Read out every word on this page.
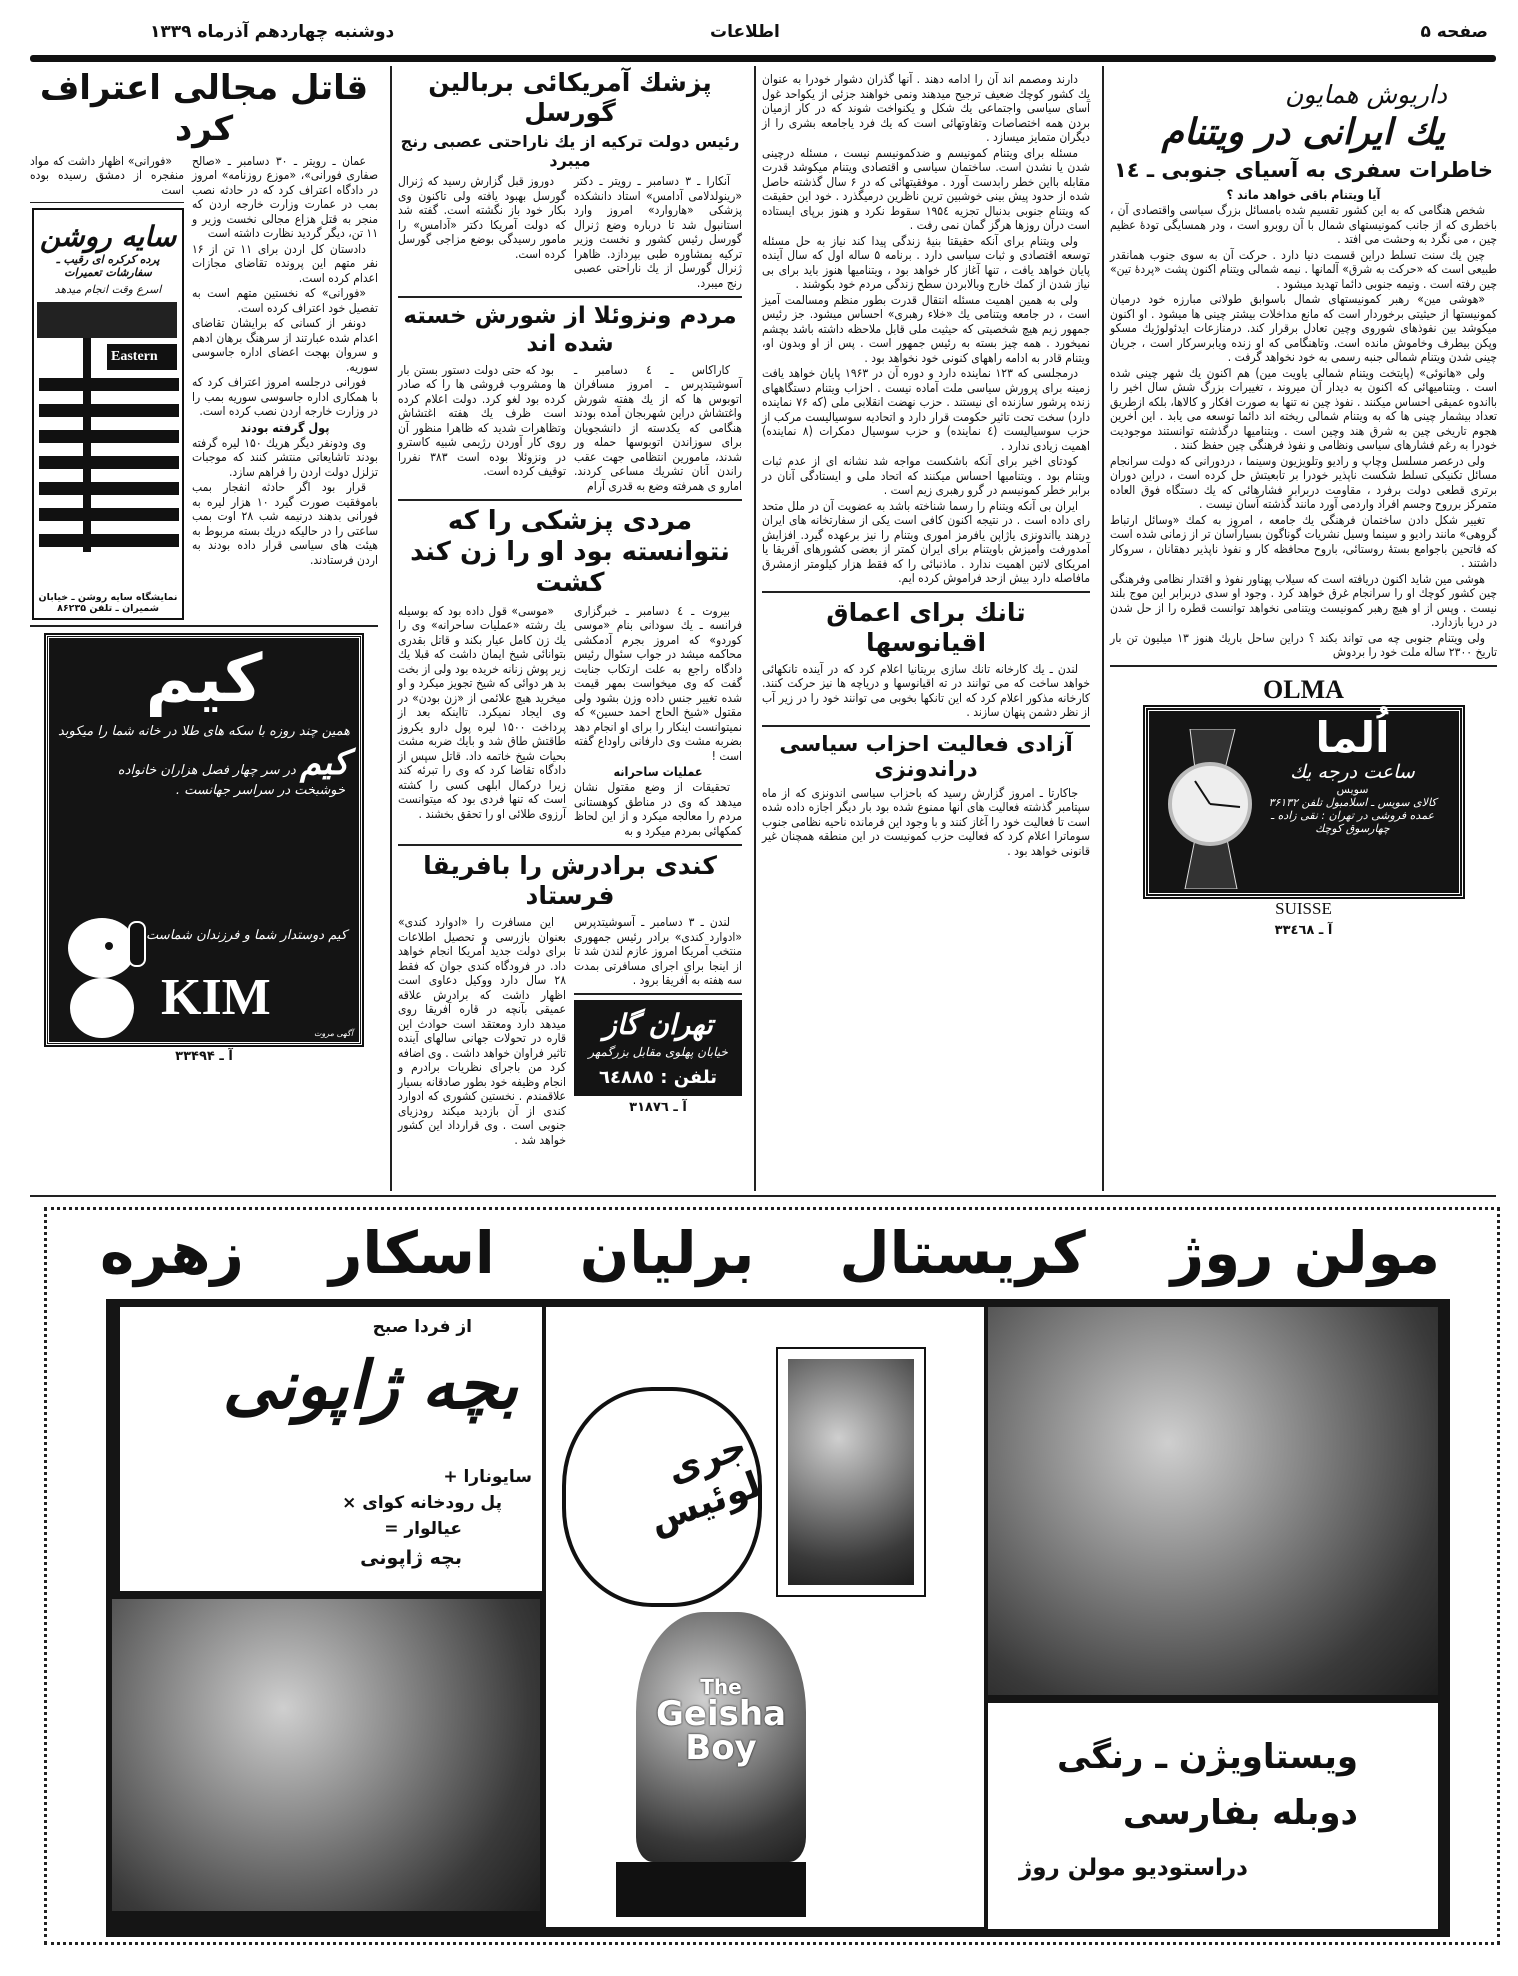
صفحه ۵
اطلاعات
دوشنبه چهاردهم آذرماه ۱۳۳۹
قاتل مجالی اعتراف کرد

عمان ـ رویتر ـ ۳۰ دسامبر ـ «صالح صفاری فورانی»، «موزع روزنامه» امروز در دادگاه اعتراف کرد که در حادثه نصب بمب در عمارت وزارت خارجه اردن که منجر به قتل هزاع مجالی نخست وزیر و ۱۱ تن، دیگر گردید نظارت داشته است

دادستان کل اردن برای ۱۱ تن از ۱۶ نفر متهم این پرونده تقاضای مجازات اعدام کرده است.

«فورانی» که نخستین متهم است به تفصیل خود اعتراف کرده است.

دونفر از کسانی که برایشان تقاضای اعدام شده عبارتند از سرهنگ برهان ادهم و سروان بهجت اعضای اداره جاسوسی سوریه.

فورانی درجلسه امروز اعتراف کرد که با همکاری اداره جاسوسی سوریه بمب را در وزارت خارجه اردن نصب کرده است.

پول گرفته بودند

وی ودونفر دیگر هریك ۱۵۰ لیره گرفته بودند تاشایعاتی منتشر کنند که موجبات تزلزل دولت اردن را فراهم سازد.

قرار بود اگر حادثه انفجار بمب باموفقیت صورت گیرد ۱۰ هزار لیره به فورانی بدهند درنیمه شب ۲۸ اوت بمب ساعتی را در حالیکه دریك بسته مربوط به هیئت های سیاسی قرار داده بودند به اردن فرستادند.

«فورانی» اظهار داشت که مواد منفجره از دمشق رسیده بوده است

سایه روشن
پرده کرکره ای رقیب ـ سفارشات تعمیرات
اسرع وقت انجام میدهد
Eastern
نمایشگاه سایه روشن ـ خیابان شمیران ـ تلفن ۸۶۲۳۵
کیم
همین چند روزه با سکه های طلا در خانه شما را میکوبد
کیم در سر چهار فصل هزاران خانواده
خوشبخت در سراسر جهانست .
کیم دوستدار شما و فرزندان شماست
KIM
آگهی مروت
آ ـ ۳۳۴۹۴
پزشك آمریکائی بربالین گورسل
رئیس دولت ترکیه از یك ناراحتی عصبی رنج میبرد

آنکارا ـ ۳ دسامبر ـ رویتر ـ دکتر «رینولدلامی آدامس» استاد دانشکده پزشکی «هاروارد» امروز وارد استانبول شد تا درباره وضع ژنرال گورسل رئیس کشور و نخست وزیر ترکیه بمشاوره طبی بپردازد. ظاهرا ژنرال گورسل از یك ناراحتی عصبی رنج میبرد.

دوروز قبل گزارش رسید که ژنرال گورسل بهبود یافته ولی تاکنون وی بکار خود باز نگشته است. گفته شد که دولت آمریکا دکتر «آدامس» را مامور رسیدگی بوضع مزاجی گورسل کرده است.

مردم ونزوئلا از شورش خسته شده اند

کاراکاس ـ ٤ دسامبر ـ آسوشیتدپرس ـ امروز مسافران اتوبوس ها که از یك هفته شورش واغتشاش دراین شهربجان آمده بودند هنگامی که یکدسته از دانشجویان برای سوزاندن اتوبوسها حمله ور شدند، مامورین انتظامی جهت عقب راندن آنان تشریك مساعی کردند. امارو ی همرفته وضع به قدری آرام

بود که حتی دولت دستور بستن بار ها ومشروب فروشی ها را که صادر کرده بود لغو کرد. دولت اعلام کرده است ظرف یك هفته اغتشاش وتظاهرات شدید که ظاهرا منظور آن روی کار آوردن رژیمی شبیه کاسترو در ونزوئلا بوده است ۳۸۳ نفررا توقیف کرده است.

مردی پزشکی را که نتوانسته بود او را زن کند کشت

بیروت ـ ٤ دسامبر ـ خبرگزاری فرانسه ـ یك سودانی بنام «موسی کوردو» که امروز بجرم آدمکشی محاکمه میشد در جواب سئوال رئیس دادگاه راجع به علت ارتکاب جنایت گفت که وی میخواست بمهر قیمت شده تغییر جنس داده وزن بشود ولی مقتول «شیخ الحاج احمد حسین» که نمیتوانست اینکار را برای او انجام دهد بضربه مشت وی دارفانی راوداع گفته است !

عملیات ساحرانه

تحقیقات از وضع مقتول نشان میدهد که وی در مناطق کوهستانی مردم را معالجه میکرد و از این لحاظ کمکهائی بمردم میکرد و به

«موسی» قول داده بود که بوسیله یك رشته «عملیات ساحرانه» وی را یك زن کامل عیار بکند و قاتل بقدری بتوانائی شیخ ایمان داشت که قبلا یك زیر پوش زنانه خریده بود ولی از بخت بد هر دوائی که شیخ تجویز میکرد و او میخرید هیچ علائمی از «زن بودن» در وی ایجاد نمیکرد. تااینکه بعد از پرداخت ۱۵۰۰ لیره پول دارو یکروز طاقتش طاق شد و بایك ضربه مشت بحیات شیخ خاتمه داد. قاتل سپس از دادگاه تقاضا کرد که وی را تبرئه کند زیرا درکمال ابلهی کسی را کشته است که تنها فردی بود که میتوانست آرزوی طلائی او را تحقق بخشند .

کندی برادرش را بافریقا فرستاد

لندن ـ ۳ دسامبر ـ آسوشیتدپرس «ادوارد کندی» برادر رئیس جمهوری منتخب آمریکا امروز عازم لندن شد تا از اینجا برای اجرای مسافرتی بمدت سه هفته به آفریقا برود .

تهران گاز
خیابان پهلوی مقابل بزرگمهر
تلفن : ٦٤٨٨٥
آ ـ ۳۱۸۷٦

این مسافرت را «ادوارد کندی» بعنوان بازرسی و تحصیل اطلاعات برای دولت جدید آمریکا انجام خواهد داد. در فرودگاه کندی جوان که فقط ۲۸ سال دارد ووکیل دعاوی است اظهار داشت که برادرش علاقه عمیقی بآنچه در قاره آفریقا روی میدهد دارد ومعتقد است حوادث این قاره در تحولات جهانی سالهای آینده تاثیر فراوان خواهد داشت . وی اضافه کرد من باجرای نظریات برادرم و انجام وظیفه خود بطور صادقانه بسیار علاقمندم . نخستین کشوری که ادوارد کندی از آن بازدید میکند رودزیای جنوبی است . وی قرارداد این کشور خواهد شد .

دارند ومصمم اند آن را ادامه دهند . آنها گذران دشوار خودرا به عنوان یك کشور کوچك ضعیف ترجیح میدهند ونمی خواهند جزئی از یکواحد غول آسای سیاسی واجتماعی یك شکل و یکنواخت شوند که در کار ازمیان بردن همه اختصاصات وتفاوتهائی است که یك فرد یاجامعه بشری را از دیگران متمایز میسازد .

مسئله برای ویتنام کمونیسم و ضدکمونیسم نیست ، مسئله درچینی شدن یا نشدن است. ساختمان سیاسی و اقتصادی ویتنام میکوشد قدرت مقابله بااین خطر رابدست آورد . موفقیتهائی که در ۶ سال گذشته حاصل شده از حدود پیش بینی خوشبین ترین ناظرین درمیگذرد . خود این حقیقت که ویتنام جنوبی بدنبال تجزیه ۱۹۵٤ سقوط نکرد و هنوز برپای ایستاده است درآن روزها هرگز گمان نمی رفت .

ولی ویتنام برای آنکه حقیقتا بنیهٔ زندگی پیدا کند نیاز به حل مسئله توسعه اقتصادی و ثبات سیاسی دارد . برنامه ۵ ساله اول که سال آینده پایان خواهد یافت ، تنها آغاز کار خواهد بود ، ویتنامیها هنوز باید برای بی نیاز شدن از کمك خارج وبالابردن سطح زندگی مردم خود بکوشند .

ولی به همین اهمیت مسئله انتقال قدرت بطور منظم ومسالمت آمیز است ، در جامعه ویتنامی یك «خلاء رهبری» احساس میشود. جز رئیس جمهور زیم هیچ شخصیتی که حیثیت ملی قابل ملاحظه داشته باشد بچشم نمیخورد . همه چیز بسته به رئیس جمهور است . پس از او وبدون او، ویتنام قادر به ادامه راههای کنونی خود نخواهد بود .

درمجلسی که ۱۲۳ نماینده دارد و دوره آن در ۱۹۶۳ پایان خواهد یافت زمینه برای پرورش سیاسی ملت آماده نیست . احزاب ویتنام دستگاههای زنده پرشور سازنده ای نیستند . حزب نهضت انقلابی ملی (که ۷۶ نماینده دارد) سخت تحت تاثیر حکومت قرار دارد و اتحادیه سوسیالیست مرکب از حزب سوسیالیست (٤ نماینده) و حزب سوسیال دمکرات (۸ نماینده) اهمیت زیادی ندارد .

کودتای اخیر برای آنکه باشکست مواجه شد نشانه ای از عدم ثبات ویتنام بود . ویتنامیها احساس میکنند که اتحاد ملی و ایستادگی آنان در برابر خطر کمونیسم در گرو رهبری زیم است .

ایران بی آنکه ویتنام را رسما شناخته باشد به عضویت آن در ملل متحد رای داده است . در نتیجه اکنون کافی است یکی از سفارتخانه های ایران درهند یااندونزی یاژاپن یافرمز اموری ویتنام را نیز برعهده گیرد. افزایش آمدورفت وآمیزش باویتنام برای ایران کمتر از بعضی کشورهای آفریقا یا امریکای لاتین اهمیت ندارد . ماذنبائی را که فقط هزار کیلومتر ازمشرق مافاصله دارد بیش ازحد فراموش کرده ایم.

تانك برای اعماق اقیانوسها

لندن ـ یك کارخانه تانك سازی بریتانیا اعلام کرد که در آینده تانکهائی خواهد ساخت که می توانند در ته اقیانوسها و دریاچه ها نیز حرکت کنند. کارخانه مذکور اعلام کرد که این تانکها بخوبی می توانند خود را در زیر آب از نظر دشمن پنهان سازند .

آزادی فعالیت احزاب سیاسی دراندونزی

جاکارتا ـ امروز گزارش رسید که باحزاب سیاسی اندونزی که از ماه سپتامبر گذشته فعالیت های آنها ممنوع شده بود بار دیگر اجازه داده شده است تا فعالیت خود را آغاز کنند و با وجود این فرمانده ناحیه نظامی جنوب سوماترا اعلام کرد که فعالیت حزب کمونیست در این منطقه همچنان غیر قانونی خواهد بود .

داریوش همایون
یك ایرانی در ویتنام
خاطرات سفری به آسیای جنوبی ـ ١٤
آیا ویتنام باقی خواهد ماند ؟

شخص هنگامی که به این کشور تقسیم شده بامسائل بزرگ سیاسی واقتصادی آن ، باخطری که از جانب کمونیستهای شمال با آن روبرو است ، ودر همسایگی تودهٔ عظیم چین ، می نگرد به وحشت می افتد .

چین یك سنت تسلط دراین قسمت دنیا دارد . حرکت آن به سوی جنوب همانقدر طبیعی است که «حرکت به شرق» آلمانها . نیمه شمالی ویتنام اکنون پشت «پردهٔ تین» چین رفته است . ونیمه جنوبی دائما تهدید میشود .

«هوشی مین» رهبر کمونیستهای شمال باسوابق طولانی مبارزه خود درمیان کمونیستها از حیثیتی برخوردار است که مانع مداخلات بیشتر چینی ها میشود . او اکنون میکوشد بین نفوذهای شوروی وچین تعادل برقرار کند. درمنازعات ایدئولوژیك مسکو وپکن بیطرف وخاموش مانده است. وتاهنگامی که او زنده ویابرسرکار است ، جریان چینی شدن ویتنام شمالی جنبه رسمی به خود نخواهد گرفت .

ولی «هانوئی» (پایتخت ویتنام شمالی یاویت مین) هم اکنون یك شهر چینی شده است . ویتنامیهائی که اکنون به دیدار آن میروند ، تغییرات بزرگ شش سال اخیر را بااندوه عمیقی احساس میکنند . نفوذ چین نه تنها به صورت افکار و کالاها، بلکه ازطریق تعداد بیشمار چینی ها که به ویتنام شمالی ریخته اند دائما توسعه می یابد . این آخرین هجوم تاریخی چین به شرق هند وچین است . ویتنامیها درگذشته توانستند موجودیت خودرا به رغم فشارهای سیاسی ونظامی و نفوذ فرهنگی چین حفظ کنند .

ولی درعصر مسلسل وچاپ و رادیو وتلویزیون وسینما ، دردورانی که دولت سرانجام مسائل تکنیکی تسلط شکست ناپذیر خودرا بر تابعیتش حل کرده است ، دراین دوران برتری قطعی دولت برفرد ، مقاومت دربرابر فشارهائی که یك دستگاه فوق العاده متمرکز برروح وجسم افراد واردمی آورد مانند گذشته آسان نیست .

تغییر شکل دادن ساختمان فرهنگی یك جامعه ، امروز به کمك «وسائل ارتباط گروهی» مانند رادیو و سینما وسیل نشریات گوناگون بسیارآسان تر از زمانی شده است که فاتحین باجوامع بستهٔ روستائی، باروح محافظه کار و نفوذ ناپذیر دهقانان ، سروکار داشتند .

هوشی مین شاید اکنون دریافته است که سیلاب پهناور نفوذ و اقتدار نظامی وفرهنگی چین کشور کوچك او را سرانجام غرق خواهد کرد . وجود او سدی دربرابر این موج بلند نیست . وپس از او هیچ رهبر کمونیست ویتنامی نخواهد توانست قطره را از حل شدن در دریا بازدارد.

ولی ویتنام جنوبی چه می تواند بکند ؟ دراین ساحل باریك هنوز ۱۳ میلیون تن بار تاریخ ۲۳۰۰ ساله ملت خود را بردوش

OLMA
اُلما
ساعت درجه یك
سویس
کالای سویس ـ اسلامبول تلفن ۳۶۱۳۲
عمده فروشی در تهران : نقی زاده ـ چهارسوق کوچك
SUISSE
آ ـ ۳۳٤٦۸
مولن روژ
کریستال
برلیان
اسکار
زهره
از فردا صبح
بچه ژاپونی
سایونارا +
پل رودخانه کوای ×
عیالوار =
بچه ژاپونی
جری لوئیس
The
Geisha
Boy	ویستاویژن ـ رنگی
دوبله بفارسی
دراستودیو مولن روژ
